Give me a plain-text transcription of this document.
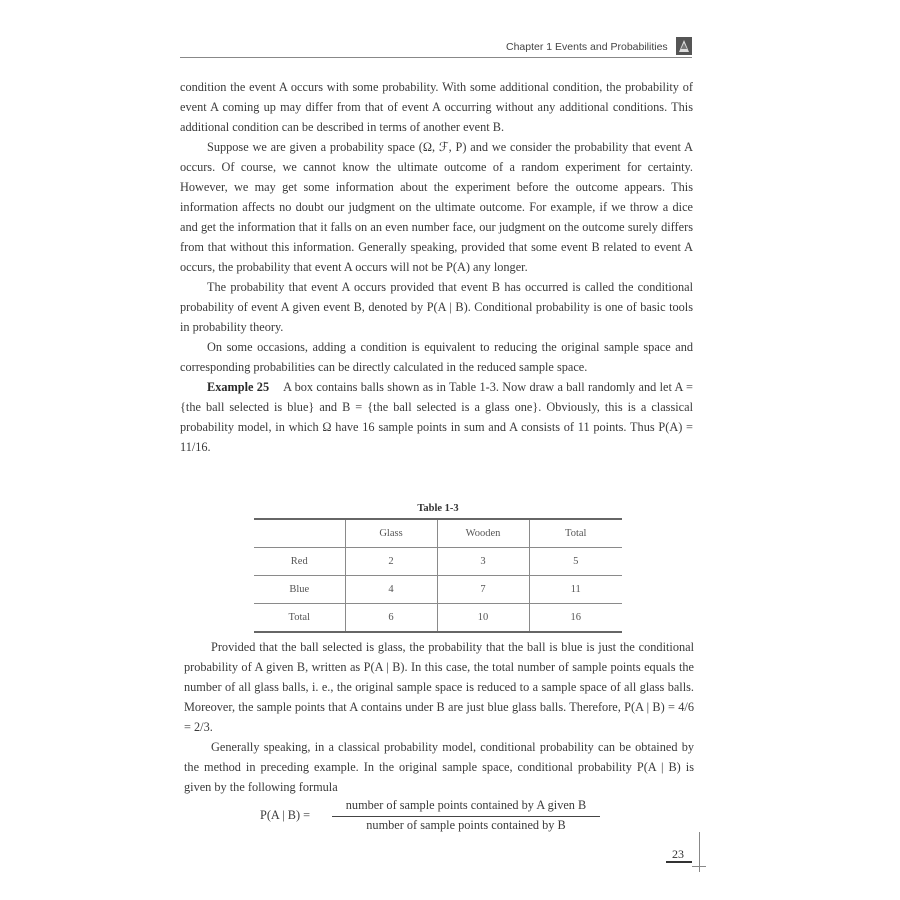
Chapter 1 Events and Probabilities

condition the event A occurs with some probability. With some additional condition, the probability of event A coming up may differ from that of event A occurring without any additional conditions. This additional condition can be described in terms of another event B.

Suppose we are given a probability space (Ω, ℱ, P) and we consider the probability that event A occurs. Of course, we cannot know the ultimate outcome of a random experiment for certainty. However, we may get some information about the experiment before the outcome appears. This information affects no doubt our judgment on the ultimate outcome. For example, if we throw a dice and get the information that it falls on an even number face, our judgment on the outcome surely differs from that without this information. Generally speaking, provided that some event B related to event A occurs, the probability that event A occurs will not be P(A) any longer.

The probability that event A occurs provided that event B has occurred is called the conditional probability of event A given event B, denoted by P(A | B). Conditional probability is one of basic tools in probability theory.

On some occasions, adding a condition is equivalent to reducing the original sample space and corresponding probabilities can be directly calculated in the reduced sample space.

Example 25 A box contains balls shown as in Table 1-3. Now draw a ball randomly and let A = {the ball selected is blue} and B = {the ball selected is a glass one}. Obviously, this is a classical probability model, in which Ω have 16 sample points in sum and A consists of 11 points. Thus P(A) = 11/16.

Table 1-3
	Glass	Wooden	Total
Red	2	3	5
Blue	4	7	11
Total	6	10	16

Provided that the ball selected is glass, the probability that the ball is blue is just the conditional probability of A given B, written as P(A | B). In this case, the total number of sample points equals the number of all glass balls, i. e., the original sample space is reduced to a sample space of all glass balls. Moreover, the sample points that A contains under B are just blue glass balls. Therefore, P(A | B) = 4/6 = 2/3.

Generally speaking, in a classical probability model, conditional probability can be obtained by the method in preceding example. In the original sample space, conditional probability P(A | B) is given by the following formula

P(A | B) =
number of sample points contained by A given B
number of sample points contained by B
23
